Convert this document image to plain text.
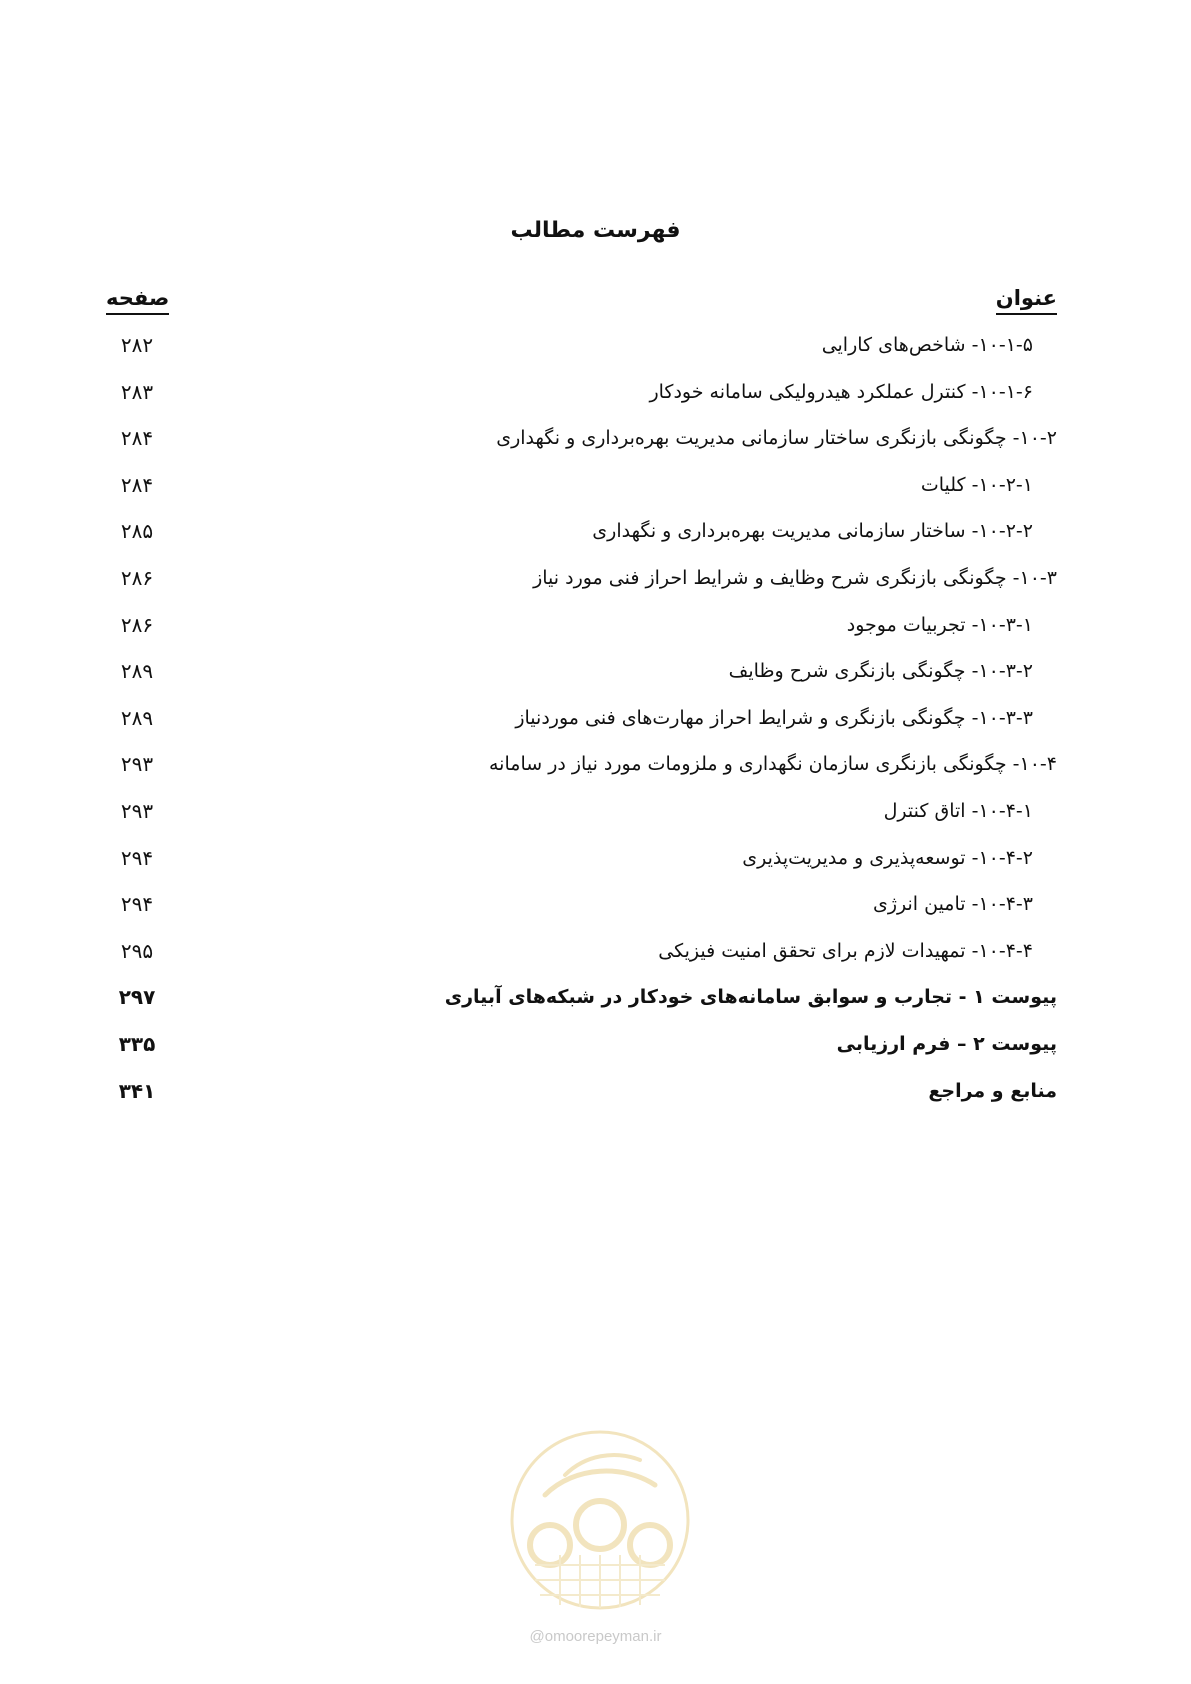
فهرست مطالب
عنوان
صفحه
۱۰-۱-۵- شاخص‌های کارایی
۲۸۲
۱۰-۱-۶- کنترل عملکرد هیدرولیکی سامانه خودکار
۲۸۳
۱۰-۲- چگونگی بازنگری ساختار سازمانی مدیریت بهره‌برداری و نگهداری
۲۸۴
۱۰-۲-۱- کلیات
۲۸۴
۱۰-۲-۲- ساختار سازمانی مدیریت بهره‌برداری و نگهداری
۲۸۵
۱۰-۳- چگونگی بازنگری شرح وظایف و شرایط احراز فنی مورد نیاز
۲۸۶
۱۰-۳-۱- تجربیات موجود
۲۸۶
۱۰-۳-۲- چگونگی بازنگری شرح وظایف
۲۸۹
۱۰-۳-۳- چگونگی بازنگری و شرایط احراز مهارت‌های فنی موردنیاز
۲۸۹
۱۰-۴- چگونگی بازنگری سازمان نگهداری و ملزومات مورد نیاز در سامانه
۲۹۳
۱۰-۴-۱- اتاق کنترل
۲۹۳
۱۰-۴-۲- توسعه‌پذیری و مدیریت‌پذیری
۲۹۴
۱۰-۴-۳- تامین انرژی
۲۹۴
۱۰-۴-۴- تمهیدات لازم برای تحقق امنیت فیزیکی
۲۹۵
پیوست ۱ - تجارب و سوابق سامانه‌های خودکار در شبکه‌های آبیاری
۲۹۷
پیوست ۲ – فرم ارزیابی
۳۳۵
منابع و مراجع
۳۴۱
@omoorepeyman.ir
